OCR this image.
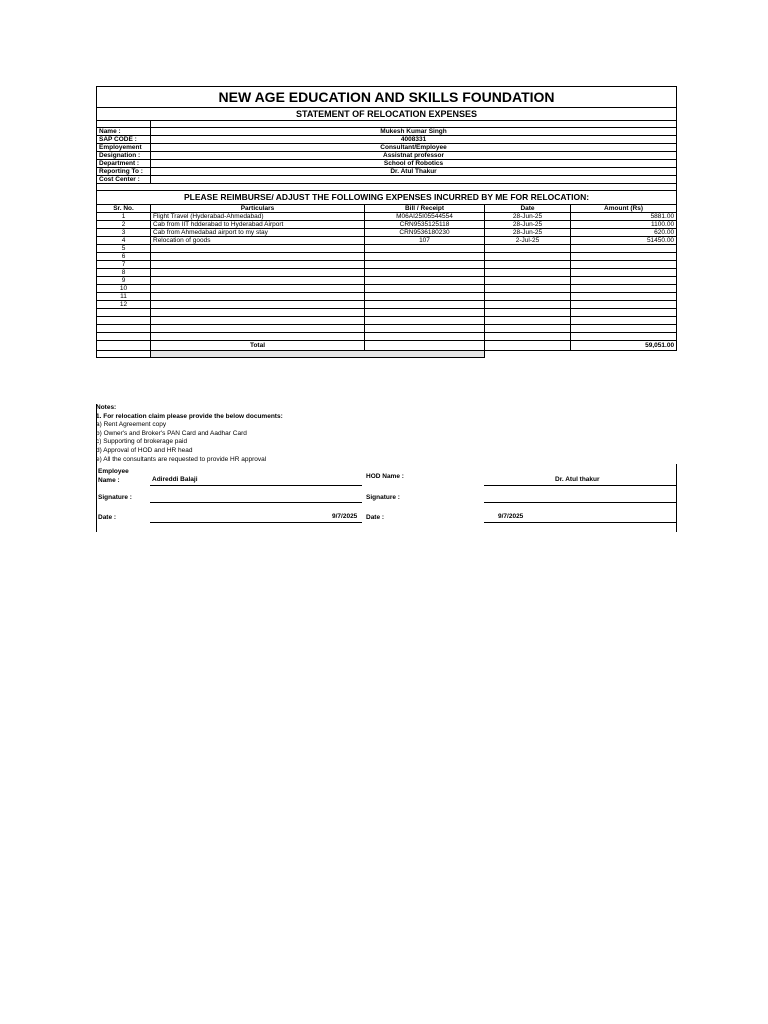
NEW AGE EDUCATION AND SKILLS FOUNDATION				
STATEMENT OF RELOCATION EXPENSES				

Name :	Mukesh Kumar Singh			
SAP CODE :	4008331			
Employement	Consultant/Employee			
Designation :	Assistnat professor			
Department :	School of Robotics			
Reporting To :	Dr. Atul Thakur			
Cost Center :				

PLEASE REIMBURSE/ ADJUST THE FOLLOWING EXPENSES INCURRED BY ME FOR RELOCATION:				
Sr. No.	Particulars	Bill / Receipt	Date	Amount (Rs)
1	Flight Travel (Hyderabad-Ahmedabad)	M06AI25I05544554	28-Jun-25	5881.00
2	Cab from IIT hdderabad to Hyderabad Airport	CRN9535125118	28-Jun-25	1100.00
3	Cab from Ahmedabad airport to my stay	CRN9536180230	28-Jun-25	620.00
4	Relocation of goods	107	2-Jul-25	51450.00
5				
6				
7				
8				
9				
10				
11				
12				

	Total			59,051.00

Notes:
1. For relocation claim please provide the below documents:
a) Rent Agreement copy
b) Owner's and Broker's PAN Card and Aadhar Card
c) Supporting of brokerage paid
d) Approval of HOD and HR head
e) All the consultants are requested to provide HR approval
Employee
Name :	Adireddi Balaji	HOD Name :	Dr. Atul thakur
Signature :	Signature :
Date :	9/7/2025 Date :	9/7/2025
